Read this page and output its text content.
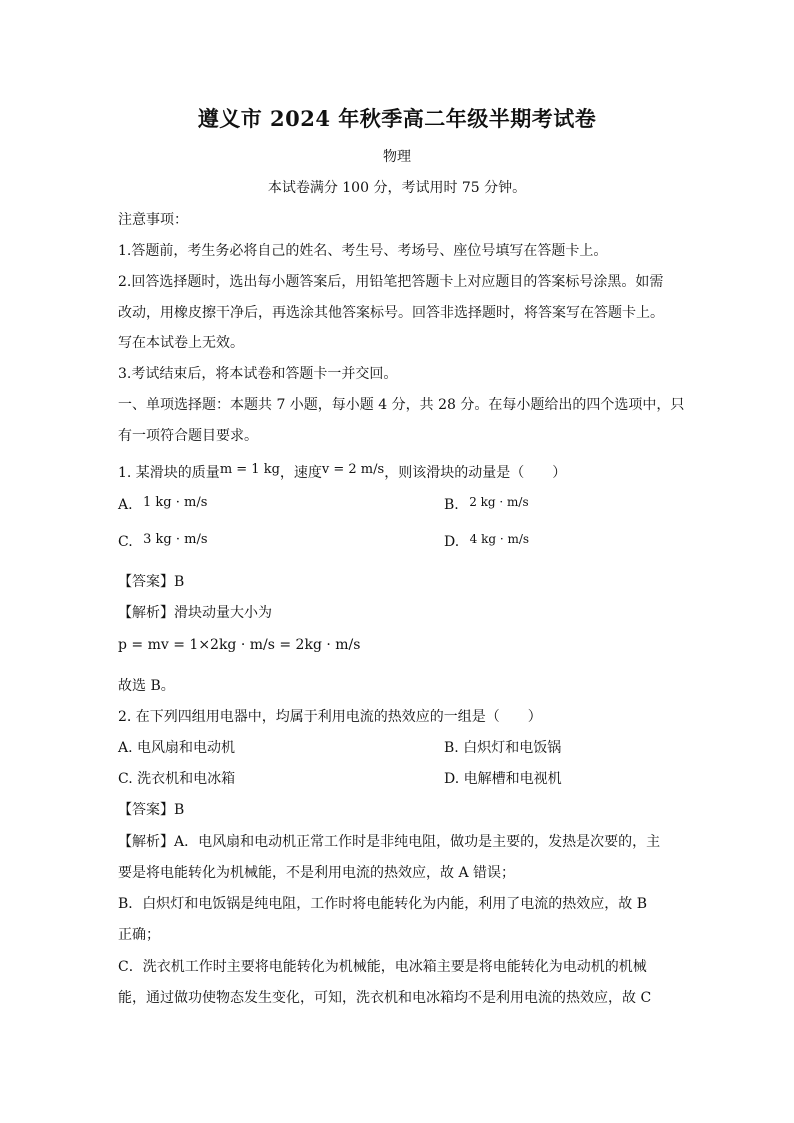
遵义市 2024 年秋季高二年级半期考试卷
物理
本试卷满分 100 分，考试用时 75 分钟。
注意事项：
1.答题前，考生务必将自己的姓名、考生号、考场号、座位号填写在答题卡上。
2.回答选择题时，选出每小题答案后，用铅笔把答题卡上对应题目的答案标号涂黑。如需
改动，用橡皮擦干净后，再选涂其他答案标号。回答非选择题时，将答案写在答题卡上。
写在本试卷上无效。
3.考试结束后，将本试卷和答题卡一并交回。
一、单项选择题：本题共 7 小题，每小题 4 分，共 28 分。在每小题给出的四个选项中，只
有一项符合题目要求。
1. 某滑块的质量m = 1 kg，速度v = 2 m/s，则该滑块的动量是（　　）
A. 1 kg · m/s	B. 2 kg · m/s
C. 3 kg · m/s	D. 4 kg · m/s
【答案】B
【解析】滑块动量大小为
p = mv = 1×2kg · m/s = 2kg · m/s
故选 B。
2. 在下列四组用电器中，均属于利用电流的热效应的一组是（　　）
A. 电风扇和电动机	B. 白炽灯和电饭锅
C. 洗衣机和电冰箱	D. 电解槽和电视机
【答案】B
【解析】A．电风扇和电动机正常工作时是非纯电阻，做功是主要的，发热是次要的，主
要是将电能转化为机械能，不是利用电流的热效应，故 A 错误；
B．白炽灯和电饭锅是纯电阻，工作时将电能转化为内能，利用了电流的热效应，故 B
正确；
C．洗衣机工作时主要将电能转化为机械能，电冰箱主要是将电能转化为电动机的机械
能，通过做功使物态发生变化，可知，洗衣机和电冰箱均不是利用电流的热效应，故 C
